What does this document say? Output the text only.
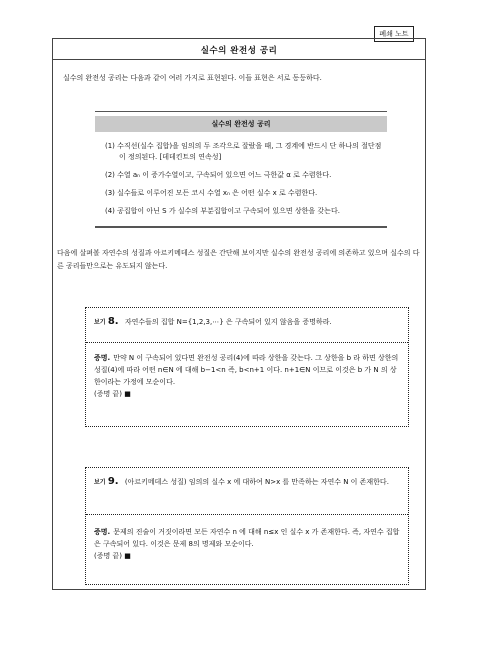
폐쇄 노트
실수의 완전성 공리
실수의 완전성 공리는 다음과 같이 여러 가지로 표현된다. 이들 표현은 서로 동등하다.
실수의 완전성 공리
(1) 수직선(실수 집합)을 임의의 두 조각으로 잘랐을 때, 그 경계에 반드시 단 하나의 절단점이 정의된다. [데데킨트의 연속성]
(2) 수열 aₙ 이 증가수열이고, 구속되어 있으면 어느 극한값 α 로 수렴한다.
(3) 실수들로 이루어진 모든 코시 수열 xₙ 은 어떤 실수 x 로 수렴한다.
(4) 공집합이 아닌 S 가 실수의 부분집합이고 구속되어 있으면 상한을 갖는다.
다음에 살펴볼 자연수의 성질과 아르키메데스 성질은 간단해 보이지만 실수의 완전성 공리에 의존하고 있으며 실수의 다른 공리들만으로는 유도되지 않는다.
보기 8. 자연수들의 집합 N={1,2,3,⋯} 은 구속되어 있지 않음을 증명하라.
증명. 만약 N 이 구속되어 있다면 완전성 공리(4)에 따라 상한을 갖는다. 그 상한을 b 라 하면 상한의 성질(4)에 따라 어떤 n∈N 에 대해 b−1<n 즉, b<n+1 이다. n+1∈N 이므로 이것은 b 가 N 의 상한이라는 가정에 모순이다.
(증명 끝) ■
보기 9. (아르키메데스 성질) 임의의 실수 x 에 대하여 N>x 를 만족하는 자연수 N 이 존재한다.
증명. 문제의 진술이 거짓이라면 모든 자연수 n 에 대해 n≤x 인 실수 x 가 존재한다. 즉, 자연수 집합은 구속되어 있다. 이것은 문제 8의 명제와 모순이다.
(증명 끝) ■
